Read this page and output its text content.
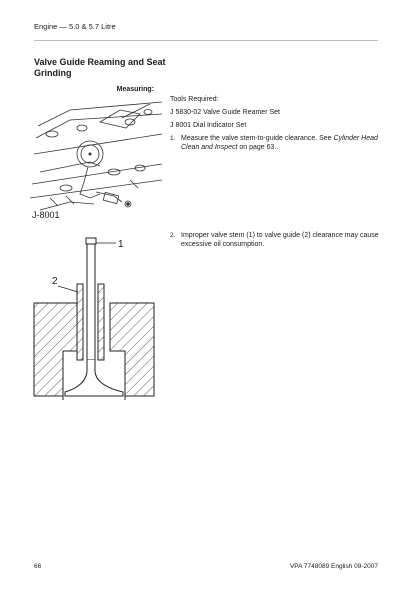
Engine — 5.0 & 5.7 Litre
Valve Guide Reaming and Seat Grinding
Measuring:
Tools Required:
J 5830-02 Valve Guide Reamer Set
J 8001 Dial Indicator Set
1. Measure the valve stem-to-guide clearance. See Cylinder Head Clean and Inspect on page 63..
2. Improper valve stem (1) to valve guide (2) clearance may cause excessive oil consumption.
J-8001
1
2
66	VPA 7748089 English 09-2007
